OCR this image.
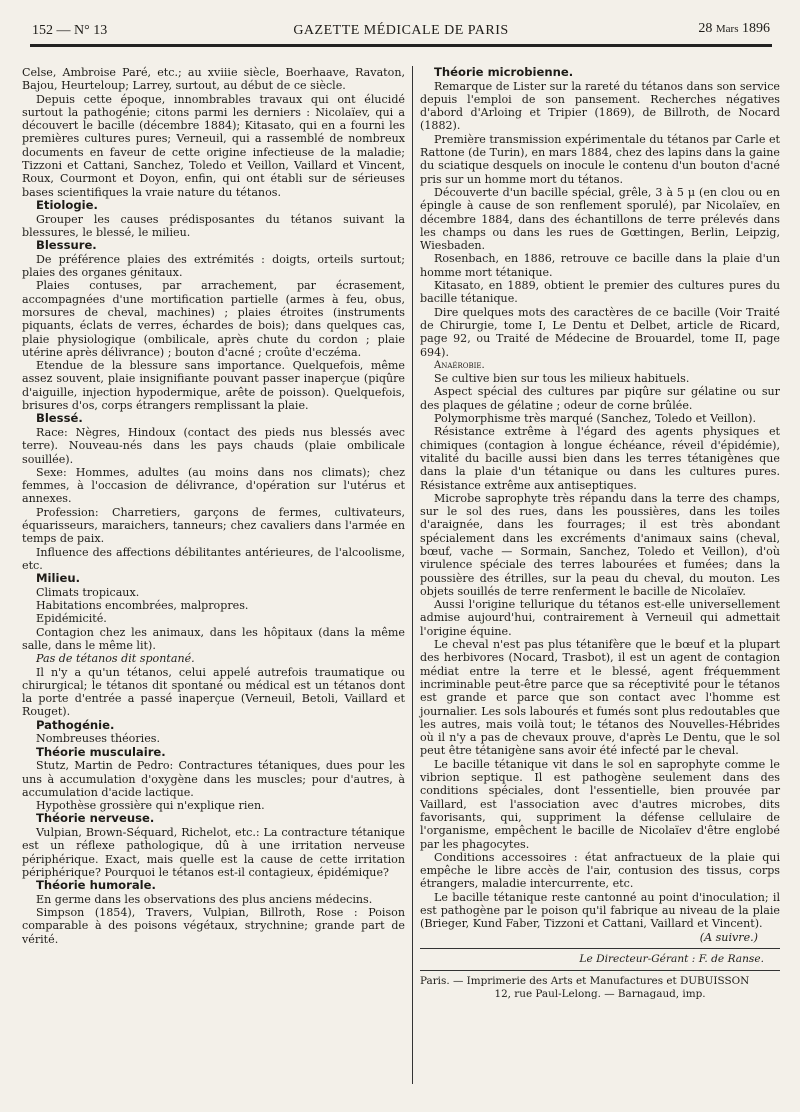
152 — N° 13	GAZETTE MÉDICALE DE PARIS	28 Mars 1896

Celse, Ambroise Paré, etc.; au xviiie siècle, Boerhaave, Ravaton, Bajou, Heurteloup; Larrey, surtout, au début de ce siècle.

Depuis cette époque, innombrables travaux qui ont élucidé surtout la pathogénie; citons parmi les derniers : Nicolaïev, qui a découvert le bacille (décembre 1884); Kitasato, qui en a fourni les premières cultures pures; Verneuil, qui a rassemblé de nombreux documents en faveur de cette origine infectieuse de la maladie; Tizzoni et Cattani, Sanchez, Toledo et Veillon, Vaillard et Vincent, Roux, Courmont et Doyon, enfin, qui ont établi sur de sérieuses bases scientifiques la vraie nature du tétanos.

Etiologie.

Grouper les causes prédisposantes du tétanos suivant la blessures, le blessé, le milieu.

Blessure.

De préférence plaies des extrémités : doigts, orteils surtout; plaies des organes génitaux.

Plaies contuses, par arrachement, par écrasement, accompagnées d'une mortification partielle (armes à feu, obus, morsures de cheval, machines) ; plaies étroites (instruments piquants, éclats de verres, échardes de bois); dans quelques cas, plaie physiologique (ombilicale, après chute du cordon ; plaie utérine après délivrance) ; bouton d'acné ; croûte d'eczéma.

Etendue de la blessure sans importance. Quelquefois, même assez souvent, plaie insignifiante pouvant passer inaperçue (piqûre d'aiguille, injection hypodermique, arête de poisson). Quelquefois, brisures d'os, corps étrangers remplissant la plaie.

Blessé.

Race: Nègres, Hindoux (contact des pieds nus blessés avec terre). Nouveau-nés dans les pays chauds (plaie ombilicale souillée).

Sexe: Hommes, adultes (au moins dans nos climats); chez femmes, à l'occasion de délivrance, d'opération sur l'utérus et annexes.

Profession: Charretiers, garçons de fermes, cultivateurs, équarisseurs, maraichers, tanneurs; chez cavaliers dans l'armée en temps de paix.

Influence des affections débilitantes antérieures, de l'alcoolisme, etc.

Milieu.

Climats tropicaux.

Habitations encombrées, malpropres.

Epidémicité.

Contagion chez les animaux, dans les hôpitaux (dans la même salle, dans le même lit).

Pas de tétanos dit spontané.

Il n'y a qu'un tétanos, celui appelé autrefois traumatique ou chirurgical; le tétanos dit spontané ou médical est un tétanos dont la porte d'entrée a passé inaperçue (Verneuil, Betoli, Vaillard et Rouget).

Pathogénie.

Nombreuses théories.

Théorie musculaire.

Stutz, Martin de Pedro: Contractures tétaniques, dues pour les uns à accumulation d'oxygène dans les muscles; pour d'autres, à accumulation d'acide lactique.

Hypothèse grossière qui n'explique rien.

Théorie nerveuse.

Vulpian, Brown-Séquard, Richelot, etc.: La contracture tétanique est un réflexe pathologique, dû à une irritation nerveuse périphérique. Exact, mais quelle est la cause de cette irritation périphérique? Pourquoi le tétanos est-il contagieux, épidémique?

Théorie humorale.

En germe dans les observations des plus anciens médecins.

Simpson (1854), Travers, Vulpian, Billroth, Rose : Poison comparable à des poisons végétaux, strychnine; grande part de vérité.

Théorie microbienne.

Remarque de Lister sur la rareté du tétanos dans son service depuis l'emploi de son pansement. Recherches négatives d'abord d'Arloing et Tripier (1869), de Billroth, de Nocard (1882).

Première transmission expérimentale du tétanos par Carle et Rattone (de Turin), en mars 1884, chez des lapins dans la gaine du sciatique desquels on inocule le contenu d'un bouton d'acné pris sur un homme mort du tétanos.

Découverte d'un bacille spécial, grêle, 3 à 5 μ (en clou ou en épingle à cause de son renflement sporulé), par Nicolaïev, en décembre 1884, dans des échantillons de terre prélevés dans les champs ou dans les rues de Gœttingen, Berlin, Leipzig, Wiesbaden.

Rosenbach, en 1886, retrouve ce bacille dans la plaie d'un homme mort tétanique.

Kitasato, en 1889, obtient le premier des cultures pures du bacille tétanique.

Dire quelques mots des caractères de ce bacille (Voir Traité de Chirurgie, tome I, Le Dentu et Delbet, article de Ricard, page 92, ou Traité de Médecine de Brouardel, tome II, page 694).

Anaérobie.

Se cultive bien sur tous les milieux habituels.

Aspect spécial des cultures par piqûre sur gélatine ou sur des plaques de gélatine ; odeur de corne brûlée.

Polymorphisme très marqué (Sanchez, Toledo et Veillon).

Résistance extrême à l'égard des agents physiques et chimiques (contagion à longue échéance, réveil d'épidémie), vitalité du bacille aussi bien dans les terres tétanigènes que dans la plaie d'un tétanique ou dans les cultures pures. Résistance extrême aux antiseptiques.

Microbe saprophyte très répandu dans la terre des champs, sur le sol des rues, dans les poussières, dans les toiles d'araignée, dans les fourrages; il est très abondant spécialement dans les excréments d'animaux sains (cheval, bœuf, vache — Sormain, Sanchez, Toledo et Veillon), d'où virulence spéciale des terres labourées et fumées; dans la poussière des étrilles, sur la peau du cheval, du mouton. Les objets souillés de terre renferment le bacille de Nicolaïev.

Aussi l'origine tellurique du tétanos est-elle universellement admise aujourd'hui, contrairement à Verneuil qui admettait l'origine équine.

Le cheval n'est pas plus tétanifère que le bœuf et la plupart des herbivores (Nocard, Trasbot), il est un agent de contagion médiat entre la terre et le blessé, agent fréquemment incriminable peut-être parce que sa réceptivité pour le tétanos est grande et parce que son contact avec l'homme est journalier. Les sols labourés et fumés sont plus redoutables que les autres, mais voilà tout; le tétanos des Nouvelles-Hébrides où il n'y a pas de chevaux prouve, d'après Le Dentu, que le sol peut être tétanigène sans avoir été infecté par le cheval.

Le bacille tétanique vit dans le sol en saprophyte comme le vibrion septique. Il est pathogène seulement dans des conditions spéciales, dont l'essentielle, bien prouvée par Vaillard, est l'association avec d'autres microbes, dits favorisants, qui, suppriment la défense cellulaire de l'organisme, empêchent le bacille de Nicolaïev d'être englobé par les phagocytes.

Conditions accessoires : état anfractueux de la plaie qui empêche le libre accès de l'air, contusion des tissus, corps étrangers, maladie intercurrente, etc.

Le bacille tétanique reste cantonné au point d'inoculation; il est pathogène par le poison qu'il fabrique au niveau de la plaie (Brieger, Kund Faber, Tizzoni et Cattani, Vaillard et Vincent).

(A suivre.)
Le Directeur-Gérant : F. de Ranse.

Paris. — Imprimerie des Arts et Manufactures et DUBUISSON

12, rue Paul-Lelong. — Barnagaud, imp.
